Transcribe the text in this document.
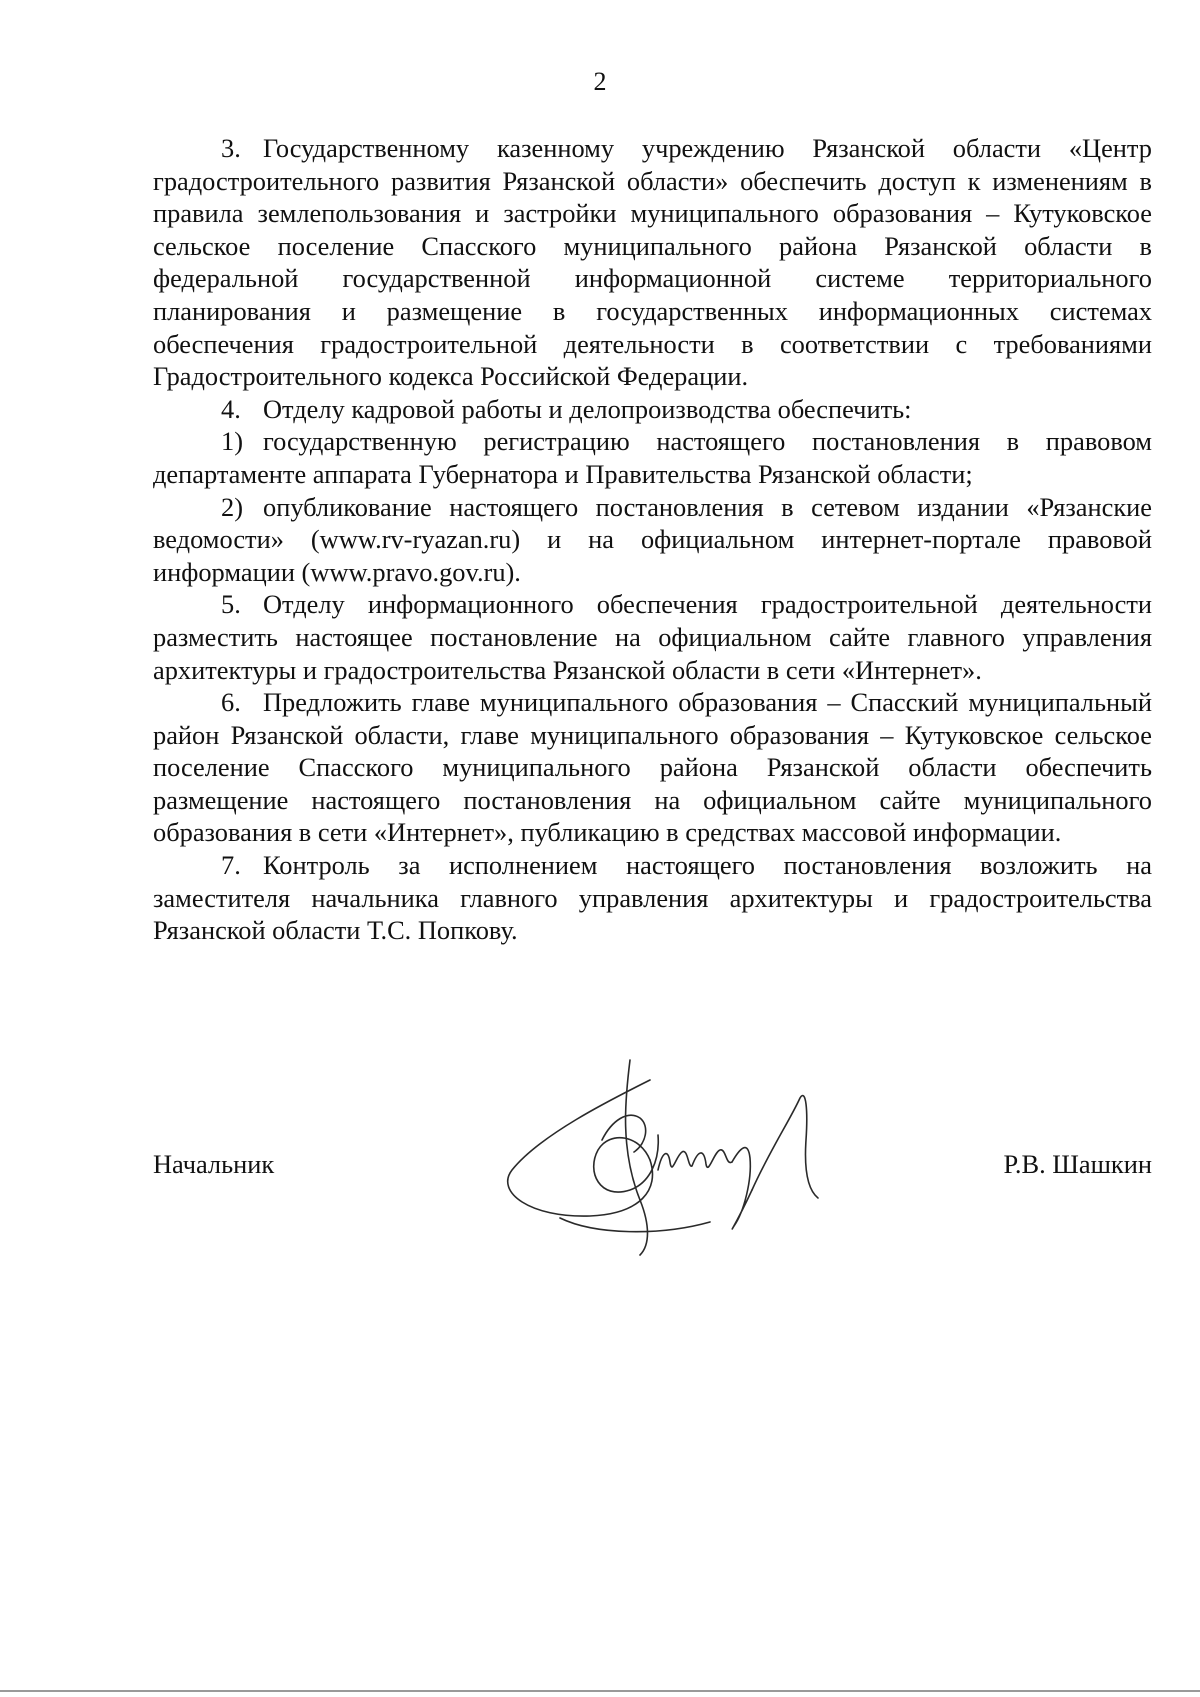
2

3. Государственному казенному учреждению Рязанской области «Центр градостроительного развития Рязанской области» обеспечить доступ к изменениям в правила землепользования и застройки муниципального образования – Кутуковское сельское поселение Спасского муниципального района Рязанской области в федеральной государственной информационной системе территориального планирования и размещение в государственных информационных системах обеспечения градостроительной деятельности в соответствии с требованиями Градостроительного кодекса Российской Федерации.

4. Отделу кадровой работы и делопроизводства обеспечить:

1) государственную регистрацию настоящего постановления в правовом департаменте аппарата Губернатора и Правительства Рязанской области;

2) опубликование настоящего постановления в сетевом издании «Рязанские ведомости» (www.rv-ryazan.ru) и на официальном интернет-портале правовой информации (www.pravo.gov.ru).

5. Отделу информационного обеспечения градостроительной деятельности разместить настоящее постановление на официальном сайте главного управления архитектуры и градостроительства Рязанской области в сети «Интернет».

6. Предложить главе муниципального образования – Спасский муниципальный район Рязанской области, главе муниципального образования – Кутуковское сельское поселение Спасского муниципального района Рязанской области обеспечить размещение настоящего постановления на официальном сайте муниципального образования в сети «Интернет», публикацию в средствах массовой информации.

7. Контроль за исполнением настоящего постановления возложить на заместителя начальника главного управления архитектуры и градостроительства Рязанской области Т.С. Попкову.

Начальник	Р.В. Шашкин
